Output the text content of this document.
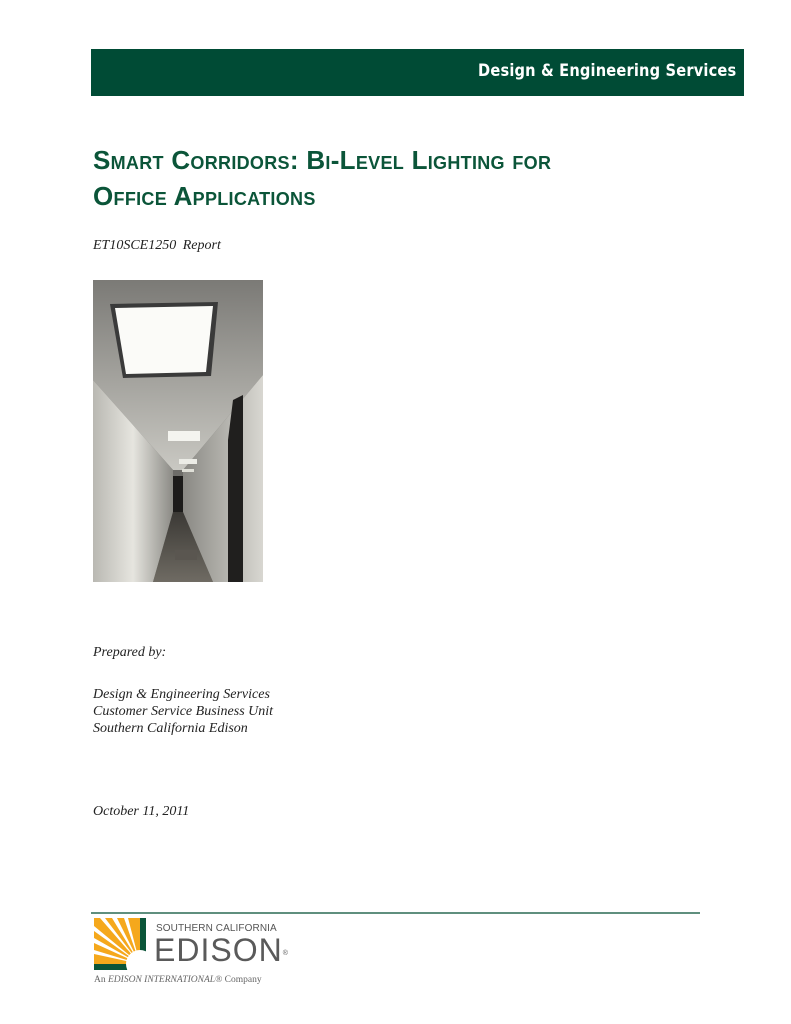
Design & Engineering Services
Smart Corridors: Bi-Level Lighting for
Office Applications
ET10SCE1250 Report
Prepared by:
Design & Engineering Services
Customer Service Business Unit
Southern California Edison
October 11, 2011
SOUTHERN CALIFORNIA
EDISON®
An EDISON INTERNATIONAL® Company
